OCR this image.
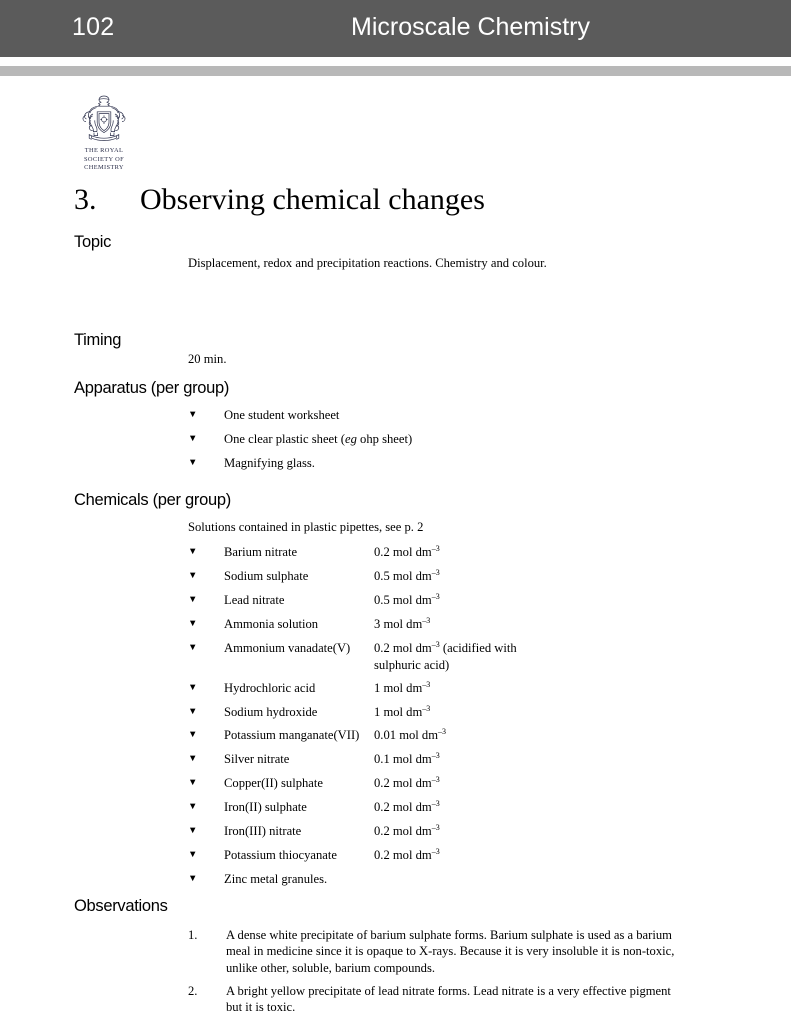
102	Microscale Chemistry
THE ROYAL
SOCIETY OF
CHEMISTRY
3. Observing chemical changes
Topic
Displacement, redox and precipitation reactions. Chemistry and colour.
Timing
20 min.
Apparatus (per group)
▼ One student worksheet
▼ One clear plastic sheet (eg ohp sheet)
▼ Magnifying glass.
Chemicals (per group)
Solutions contained in plastic pipettes, see p. 2
▼ Barium nitrate	0.2 mol $dm^{-3}$
▼ Sodium sulphate	0.5 mol $dm^{-3}$
▼ Lead nitrate	0.5 mol $dm^{-3}$
▼ Ammonia solution	3 mol $dm^{-3}$
▼ Ammonium vanadate(V) 0.2 mol $dm^{-3}$ (acidified with sulphuric acid)
▼ Hydrochloric acid	1 mol $dm^{-3}$
▼ Sodium hydroxide	1 mol $dm^{-3}$
▼ Potassium manganate(VII) 0.01 mol $dm^{-3}$
▼ Silver nitrate	0.1 mol $dm^{-3}$
▼ Copper(II) sulphate	0.2 mol $dm^{-3}$
▼ Iron(II) sulphate	0.2 mol $dm^{-3}$
▼ Iron(III) nitrate	0.2 mol $dm^{-3}$
▼ Potassium thiocyanate	0.2 mol $dm^{-3}$
▼ Zinc metal granules.
Observations
1.	A dense white precipitate of barium sulphate forms. Barium sulphate is used as a barium meal in medicine since it is opaque to X-rays. Because it is very insoluble it is non-toxic, unlike other, soluble, barium compounds.
2.	A bright yellow precipitate of lead nitrate forms. Lead nitrate is a very effective pigment but it is toxic.
